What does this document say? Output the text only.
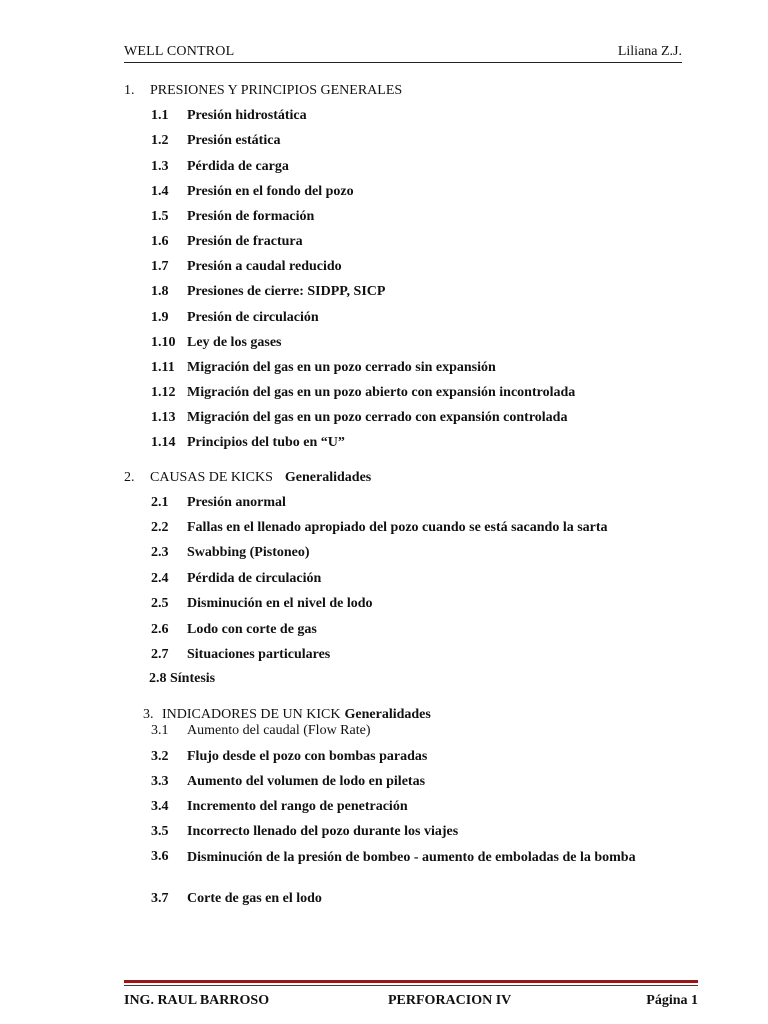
WELL CONTROL	Liliana Z.J.
1. PRESIONES Y PRINCIPIOS GENERALES
1.1 Presión hidrostática
1.2 Presión estática
1.3 Pérdida de carga
1.4 Presión en el fondo del pozo
1.5 Presión de formación
1.6 Presión de fractura
1.7 Presión a caudal reducido
1.8 Presiones de cierre: SIDPP, SICP
1.9 Presión de circulación
1.10 Ley de los gases
1.11 Migración del gas en un pozo cerrado sin expansión
1.12 Migración del gas en un pozo abierto con expansión incontrolada
1.13 Migración del gas en un pozo cerrado con expansión controlada
1.14 Principios del tubo en “U”
2. CAUSAS DE KICKS Generalidades
2.1 Presión anormal
2.2 Fallas en el llenado apropiado del pozo cuando se está sacando la sarta
2.3 Swabbing (Pistoneo)
2.4 Pérdida de circulación
2.5 Disminución en el nivel de lodo
2.6 Lodo con corte de gas
2.7 Situaciones particulares
2.8 Síntesis
3. INDICADORES DE UN KICK Generalidades
3.1 Aumento del caudal (Flow Rate)
3.2 Flujo desde el pozo con bombas paradas
3.3 Aumento del volumen de lodo en piletas
3.4 Incremento del rango de penetración
3.5 Incorrecto llenado del pozo durante los viajes
3.6 Disminución de la presión de bombeo - aumento de emboladas de la bomba
3.7 Corte de gas en el lodo
ING. RAUL BARROSO	PERFORACION IV	Página 1
